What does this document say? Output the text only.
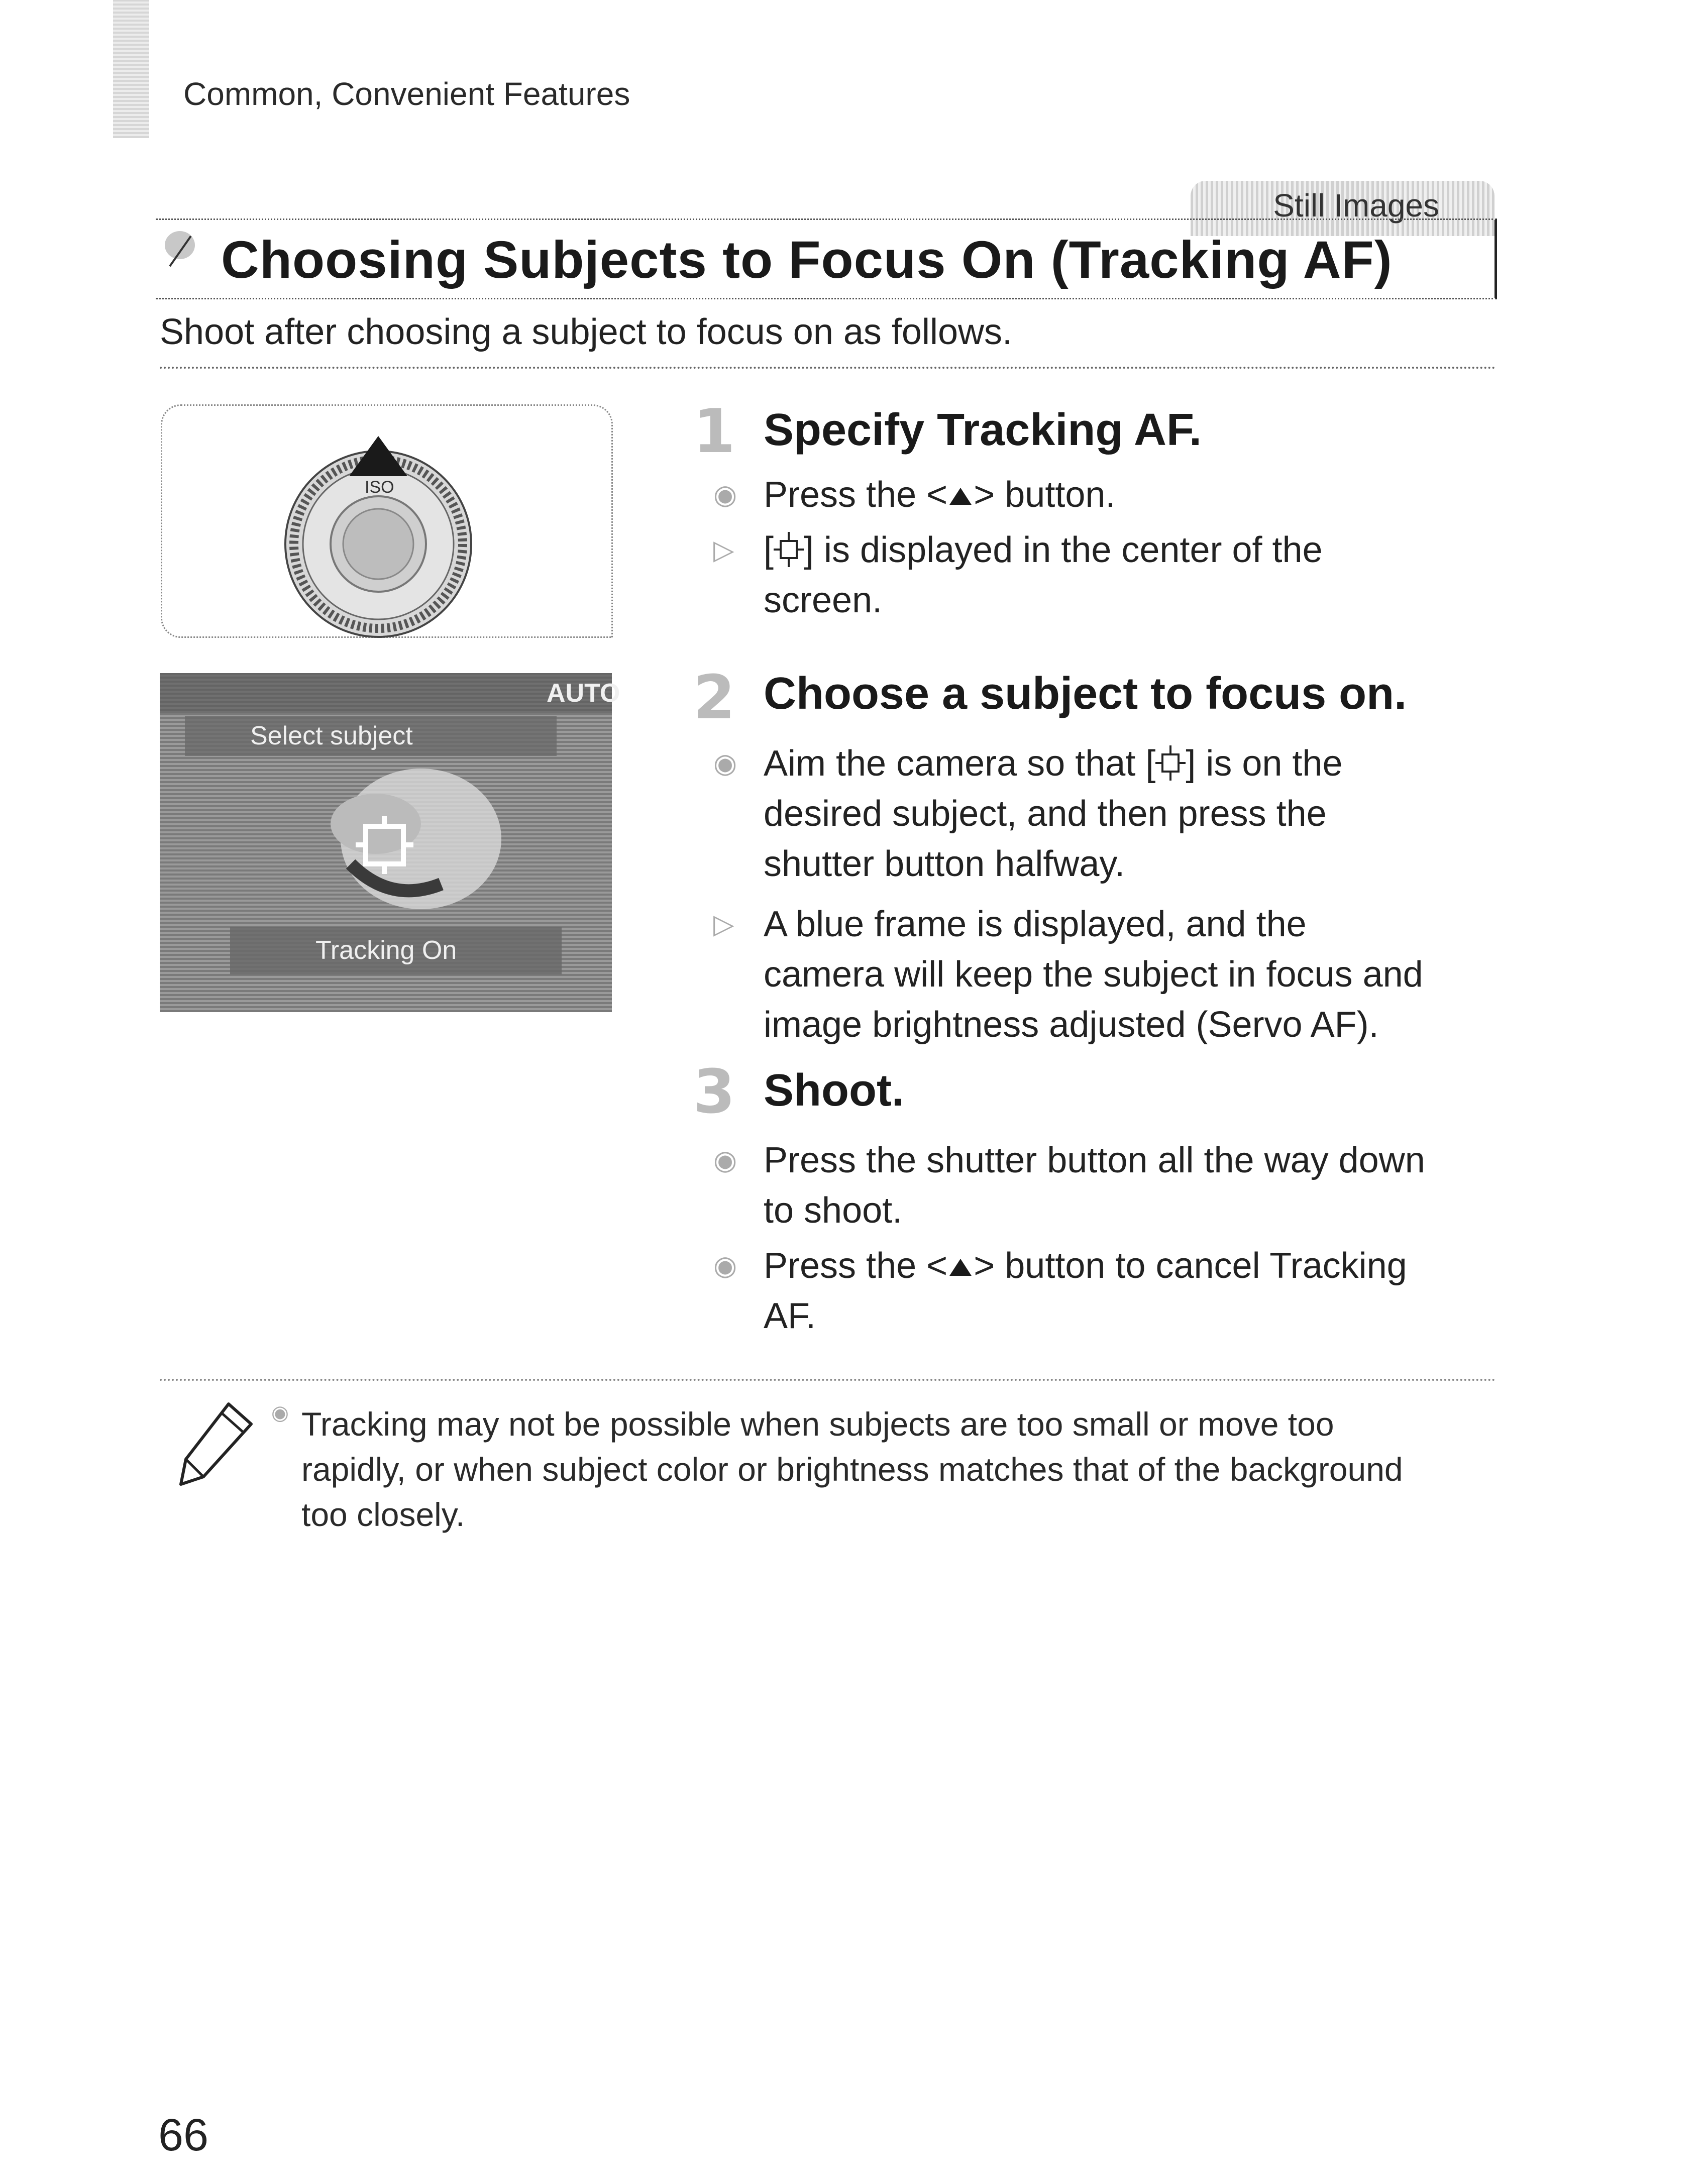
Common, Convenient Features
Still Images
Choosing Subjects to Focus On (Tracking AF)
Shoot after choosing a subject to focus on as follows.
ISO
AUTO
Select subject
Tracking On
1 Specify Tracking AF.
◉ Press the < > button.
▷ [ ] is displayed in the center of the
screen.
2 Choose a subject to focus on.
◉ Aim the camera so that [ ] is on the
desired subject, and then press the
shutter button halfway.
▷ A blue frame is displayed, and the
camera will keep the subject in focus and
image brightness adjusted (Servo AF).
3 Shoot.
◉ Press the shutter button all the way down
to shoot.
◉ Press the < > button to cancel Tracking
AF.
◉ Tracking may not be possible when subjects are too small or move too
rapidly, or when subject color or brightness matches that of the background
too closely.
66
